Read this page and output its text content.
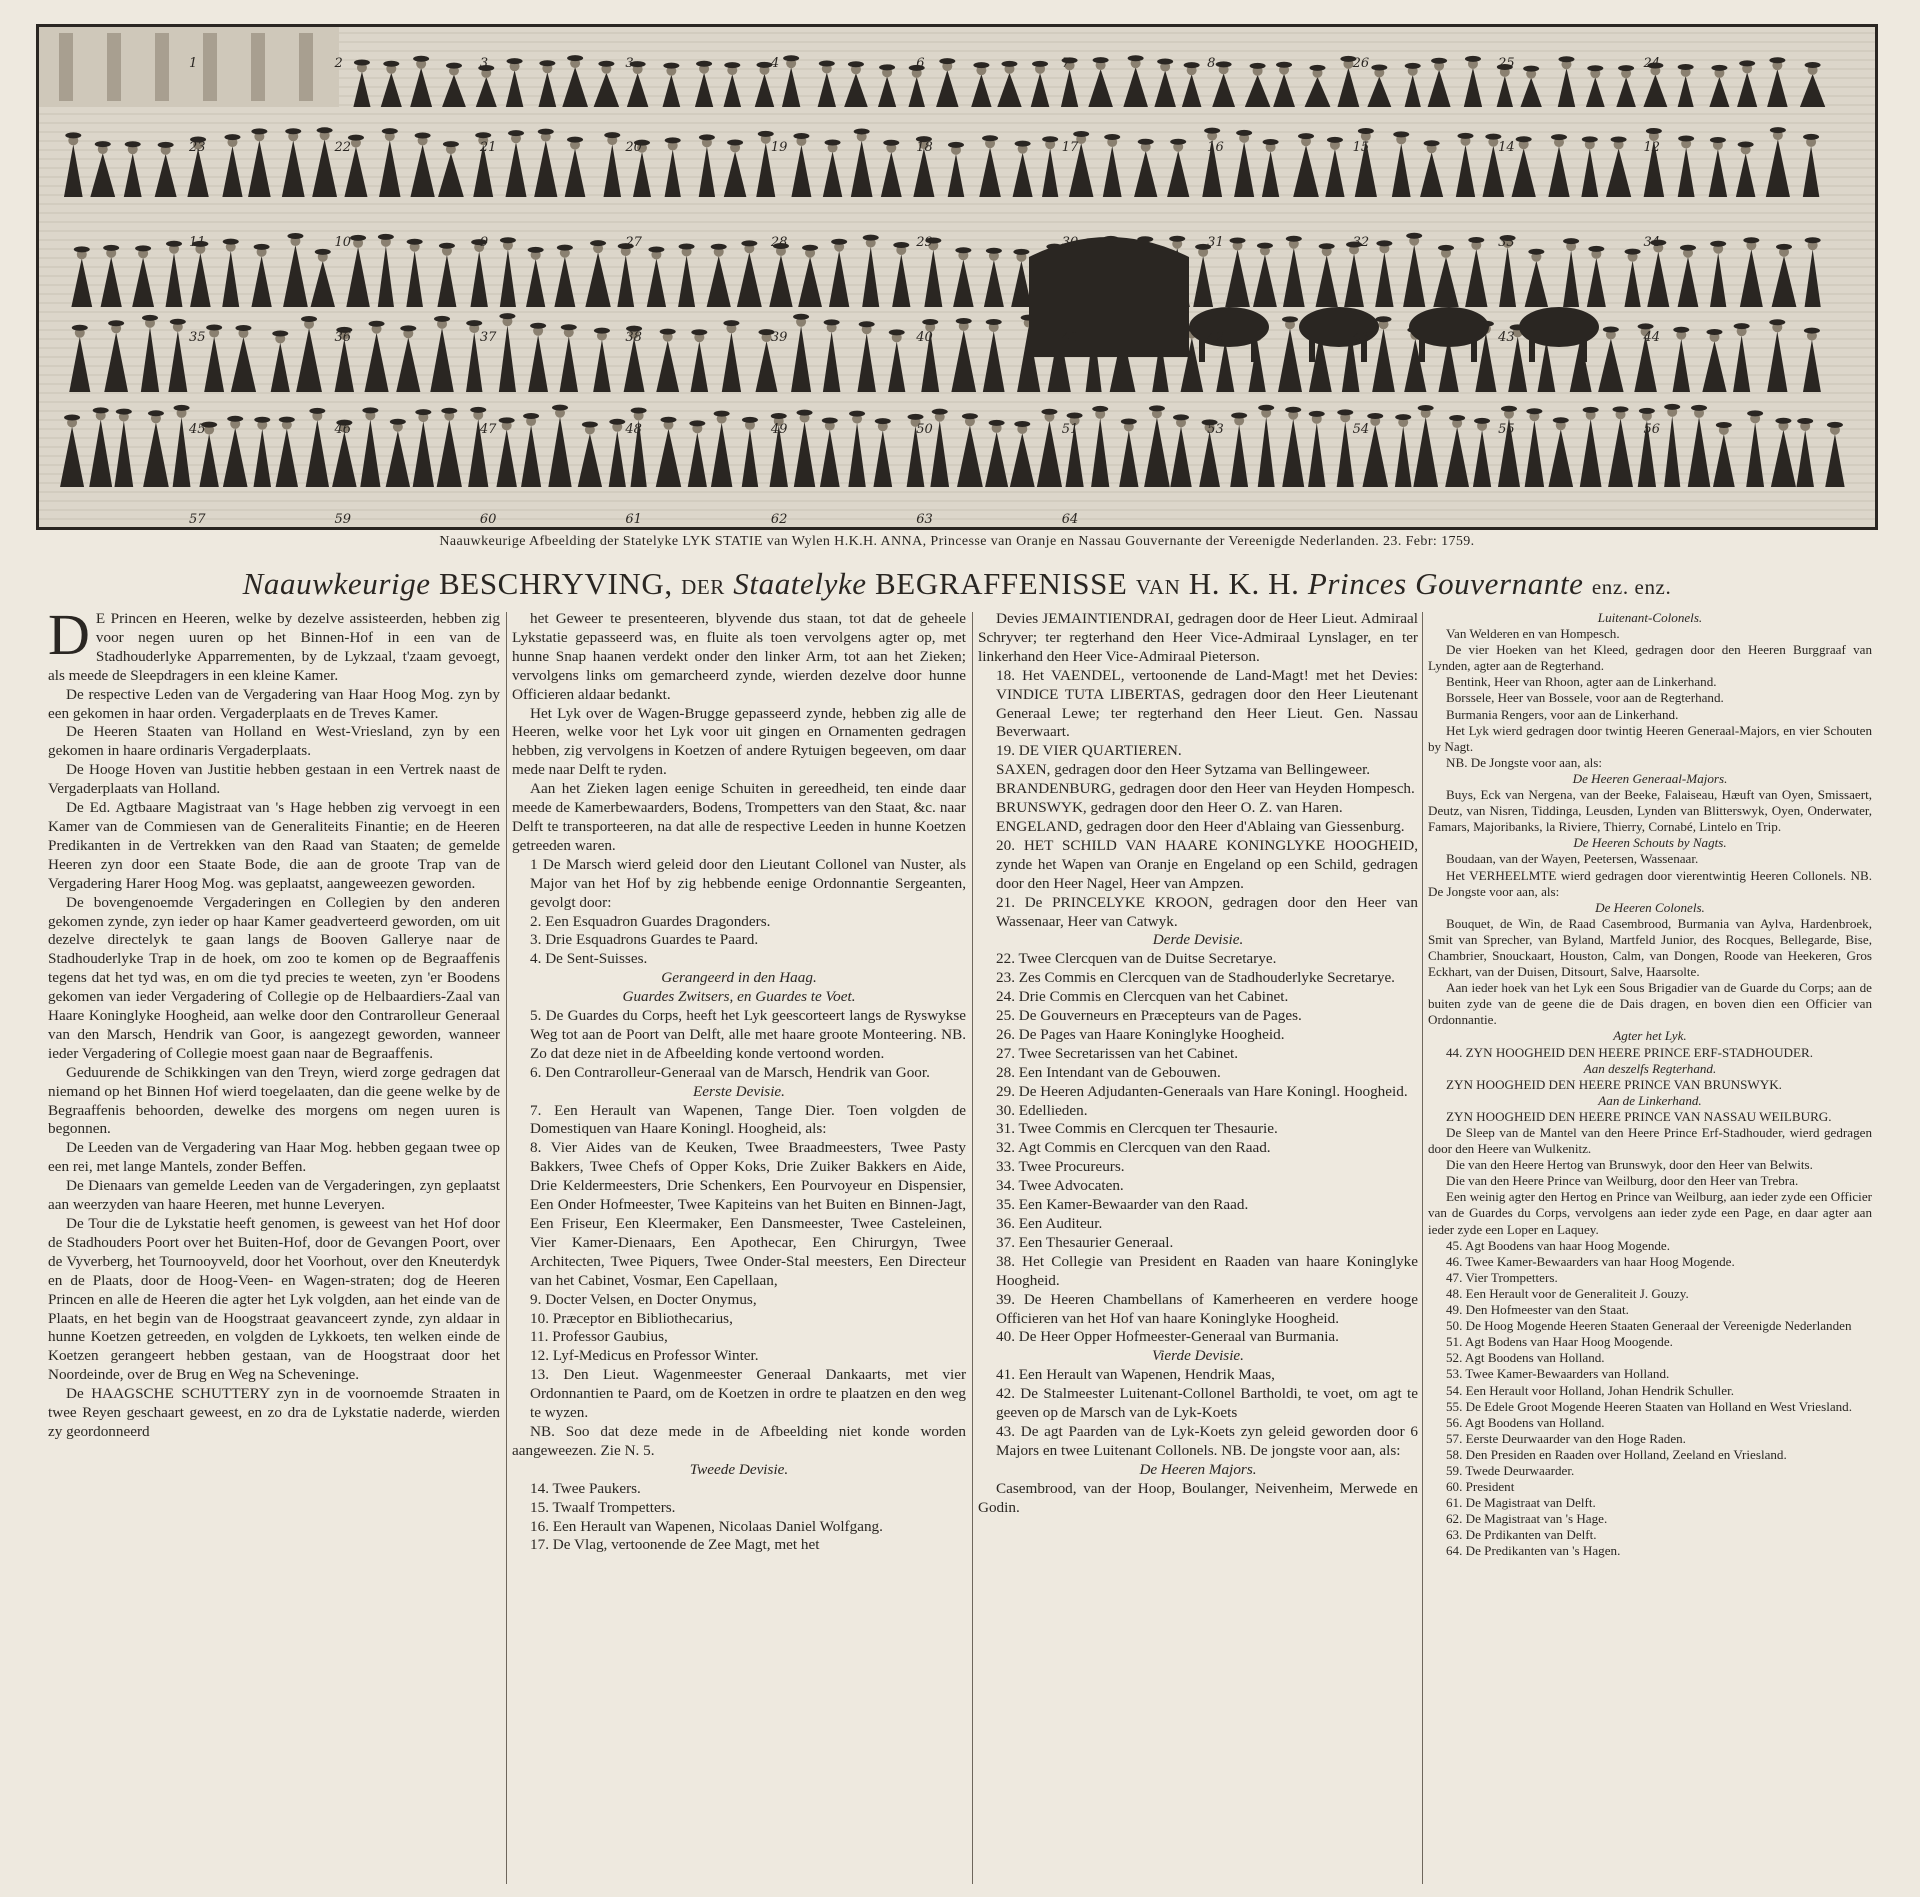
1	2	3	3	4	6	7	8	26	25	24
23	22	21	20	19	18	17	16	15	14	12
11	10	9	27	28	29	30	31	32	33	34
35	36	37	38	39	40	41	42	43	43	44
45	46	47	48	49	50	51	53	54	55	56
57	59	60	61	62	63	64
Naauwkeurige Afbeelding der Statelyke LYK STATIE van Wylen H.K.H. ANNA, Princesse van Oranje en Nassau Gouvernante der Vereenigde Nederlanden. 23. Febr: 1759.
Naauwkeurige BESCHRYVING, DER Staatelyke BEGRAFFENISSE VAN H. K. H. Princes Gouvernante enz. enz.
D E Princen en Heeren, welke by dezelve assisteerden, hebben zig voor negen uuren op het Binnen-Hof in een van de Stadhouderlyke Apparrementen, by de Lykzaal, t'zaam gevoegt, als meede de Sleepdragers in een kleine Kamer.

De respective Leden van de Vergadering van Haar Hoog Mog. zyn by een gekomen in haar orden. Vergaderplaats en de Treves Kamer.

De Heeren Staaten van Holland en West-Vriesland, zyn by een gekomen in haare ordinaris Vergaderplaats.

De Hooge Hoven van Justitie hebben gestaan in een Vertrek naast de Vergaderplaats van Holland.

De Ed. Agtbaare Magistraat van 's Hage hebben zig vervoegt in een Kamer van de Commiesen van de Generaliteits Finantie; en de Heeren Predikanten in de Vertrekken van den Raad van Staaten; de gemelde Heeren zyn door een Staate Bode, die aan de groote Trap van de Vergadering Harer Hoog Mog. was geplaatst, aangeweezen geworden.

De bovengenoemde Vergaderingen en Collegien by den anderen gekomen zynde, zyn ieder op haar Kamer geadverteerd geworden, om uit dezelve directelyk te gaan langs de Booven Gallerye naar de Stadhouderlyke Trap in de hoek, om zoo te komen op de Begraaffenis tegens dat het tyd was, en om die tyd precies te weeten, zyn 'er Boodens gekomen van ieder Vergadering of Collegie op de Helbaardiers-Zaal van Haare Koninglyke Hoogheid, aan welke door den Contrarolleur Generaal van den Marsch, Hendrik van Goor, is aangezegt geworden, wanneer ieder Vergadering of Collegie moest gaan naar de Begraaffenis.

Geduurende de Schikkingen van den Treyn, wierd zorge gedragen dat niemand op het Binnen Hof wierd toegelaaten, dan die geene welke by de Begraaffenis behoorden, dewelke des morgens om negen uuren is begonnen.

De Leeden van de Vergadering van Haar Mog. hebben gegaan twee op een rei, met lange Mantels, zonder Beffen.

De Dienaars van gemelde Leeden van de Vergaderingen, zyn geplaatst aan weerzyden van haare Heeren, met hunne Leveryen.

De Tour die de Lykstatie heeft genomen, is geweest van het Hof door de Stadhouders Poort over het Buiten-Hof, door de Gevangen Poort, over de Vyverberg, het Tournooyveld, door het Voorhout, over den Kneuterdyk en de Plaats, door de Hoog-Veen- en Wagen-straten; dog de Heeren Princen en alle de Heeren die agter het Lyk volgden, aan het einde van de Plaats, en het begin van de Hoogstraat geavanceert zynde, zyn aldaar in hunne Koetzen getreeden, en volgden de Lykkoets, ten welken einde de Koetzen gerangeert hebben gestaan, van de Hoogstraat door het Noordeinde, over de Brug en Weg na Scheveninge.

De HAAGSCHE SCHUTTERY zyn in de voornoemde Straaten in twee Reyen geschaart geweest, en zo dra de Lykstatie naderde, wierden zy geordonneerd

het Geweer te presenteeren, blyvende dus staan, tot dat de geheele Lykstatie gepasseerd was, en fluite als toen vervolgens agter op, met hunne Snap haanen verdekt onder den linker Arm, tot aan het Zieken; vervolgens links om gemarcheerd zynde, wierden dezelve door hunne Officieren aldaar bedankt.

Het Lyk over de Wagen-Brugge gepasseerd zynde, hebben zig alle de Heeren, welke voor het Lyk voor uit gingen en Ornamenten gedragen hebben, zig vervolgens in Koetzen of andere Rytuigen begeeven, om daar mede naar Delft te ryden.

Aan het Zieken lagen eenige Schuiten in gereedheid, ten einde daar meede de Kamerbewaarders, Bodens, Trompetters van den Staat, &c. naar Delft te transporteeren, na dat alle de respective Leeden in hunne Koetzen getreeden waren.

1 De Marsch wierd geleid door den Lieutant Collonel van Nuster, als Major van het Hof by zig hebbende eenige Ordonnantie Sergeanten, gevolgt door:

2. Een Esquadron Guardes Dragonders.

3. Drie Esquadrons Guardes te Paard.

4. De Sent-Suisses.

Gerangeerd in den Haag.

Guardes Zwitsers, en Guardes te Voet.

5. De Guardes du Corps, heeft het Lyk geescorteert langs de Ryswykse Weg tot aan de Poort van Delft, alle met haare groote Monteering. NB. Zo dat deze niet in de Afbeelding konde vertoond worden.

6. Den Contrarolleur-Generaal van de Marsch, Hendrik van Goor.

Eerste Devisie.

7. Een Herault van Wapenen, Tange Dier. Toen volgden de Domestiquen van Haare Koningl. Hoogheid, als:

8. Vier Aides van de Keuken, Twee Braadmeesters, Twee Pasty Bakkers, Twee Chefs of Opper Koks, Drie Zuiker Bakkers en Aide, Drie Keldermeesters, Drie Schenkers, Een Pourvoyeur en Dispensier, Een Onder Hofmeester, Twee Kapiteins van het Buiten en Binnen-Jagt, Een Friseur, Een Kleermaker, Een Dansmeester, Twee Casteleinen, Vier Kamer-Dienaars, Een Apothecar, Een Chirurgyn, Twee Architecten, Twee Piquers, Twee Onder-Stal meesters, Een Directeur van het Cabinet, Vosmar, Een Capellaan,

9. Docter Velsen, en Docter Onymus,

10. Præceptor en Bibliothecarius,

11. Professor Gaubius,

12. Lyf-Medicus en Professor Winter.

13. Den Lieut. Wagenmeester Generaal Dankaarts, met vier Ordonnantien te Paard, om de Koetzen in ordre te plaatzen en den weg te wyzen.

NB. Soo dat deze mede in de Afbeelding niet konde worden aangeweezen. Zie N. 5.

Tweede Devisie.

14. Twee Paukers.

15. Twaalf Trompetters.

16. Een Herault van Wapenen, Nicolaas Daniel Wolfgang.

17. De Vlag, vertoonende de Zee Magt, met het

Devies JEMAINTIENDRAI, gedragen door de Heer Lieut. Admiraal Schryver; ter regterhand den Heer Vice-Admiraal Lynslager, en ter linkerhand den Heer Vice-Admiraal Pieterson.

18. Het VAENDEL, vertoonende de Land-Magt! met het Devies: VINDICE TUTA LIBERTAS, gedragen door den Heer Lieutenant Generaal Lewe; ter regterhand den Heer Lieut. Gen. Nassau Beverwaart.

19. DE VIER QUARTIEREN.

SAXEN, gedragen door den Heer Sytzama van Bellingeweer.

BRANDENBURG, gedragen door den Heer van Heyden Hompesch.

BRUNSWYK, gedragen door den Heer O. Z. van Haren.

ENGELAND, gedragen door den Heer d'Ablaing van Giessenburg.

20. HET SCHILD VAN HAARE KONINGLYKE HOOGHEID, zynde het Wapen van Oranje en Engeland op een Schild, gedragen door den Heer Nagel, Heer van Ampzen.

21. De PRINCELYKE KROON, gedragen door den Heer van Wassenaar, Heer van Catwyk.

Derde Devisie.

22. Twee Clercquen van de Duitse Secretarye.

23. Zes Commis en Clercquen van de Stadhouderlyke Secretarye.

24. Drie Commis en Clercquen van het Cabinet.

25. De Gouverneurs en Præcepteurs van de Pages.

26. De Pages van Haare Koninglyke Hoogheid.

27. Twee Secretarissen van het Cabinet.

28. Een Intendant van de Gebouwen.

29. De Heeren Adjudanten-Generaals van Hare Koningl. Hoogheid.

30. Edellieden.

31. Twee Commis en Clercquen ter Thesaurie.

32. Agt Commis en Clercquen van den Raad.

33. Twee Procureurs.

34. Twee Advocaten.

35. Een Kamer-Bewaarder van den Raad.

36. Een Auditeur.

37. Een Thesaurier Generaal.

38. Het Collegie van President en Raaden van haare Koninglyke Hoogheid.

39. De Heeren Chambellans of Kamerheeren en verdere hooge Officieren van het Hof van haare Koninglyke Hoogheid.

40. De Heer Opper Hofmeester-Generaal van Burmania.

Vierde Devisie.

41. Een Herault van Wapenen, Hendrik Maas,

42. De Stalmeester Luitenant-Collonel Bartholdi, te voet, om agt te geeven op de Marsch van de Lyk-Koets

43. De agt Paarden van de Lyk-Koets zyn geleid geworden door 6 Majors en twee Luitenant Collonels. NB. De jongste voor aan, als:

De Heeren Majors.

Casembrood, van der Hoop, Boulanger, Neivenheim, Merwede en Godin.

Luitenant-Colonels.

Van Welderen en van Hompesch.

De vier Hoeken van het Kleed, gedragen door den Heeren Burggraaf van Lynden, agter aan de Regterhand.

Bentink, Heer van Rhoon, agter aan de Linkerhand.

Borssele, Heer van Bossele, voor aan de Regterhand.

Burmania Rengers, voor aan de Linkerhand.

Het Lyk wierd gedragen door twintig Heeren Generaal-Majors, en vier Schouten by Nagt.

NB. De Jongste voor aan, als:

De Heeren Generaal-Majors.

Buys, Eck van Nergena, van der Beeke, Falaiseau, Hæuft van Oyen, Smissaert, Deutz, van Nisren, Tiddinga, Leusden, Lynden van Blitterswyk, Oyen, Onderwater, Famars, Majoribanks, la Riviere, Thierry, Cornabé, Lintelo en Trip.

De Heeren Schouts by Nagts.

Boudaan, van der Wayen, Peetersen, Wassenaar.

Het VERHEELMTE wierd gedragen door vierentwintig Heeren Collonels. NB. De Jongste voor aan, als:

De Heeren Colonels.

Bouquet, de Win, de Raad Casembrood, Burmania van Aylva, Hardenbroek, Smit van Sprecher, van Byland, Martfeld Junior, des Rocques, Bellegarde, Bise, Chambrier, Snouckaart, Houston, Calm, van Dongen, Roode van Heekeren, Gros Eckhart, van der Duisen, Ditsourt, Salve, Haarsolte.

Aan ieder hoek van het Lyk een Sous Brigadier van de Guarde du Corps; aan de buiten zyde van de geene die de Dais dragen, en boven dien een Officier van Ordonnantie.

Agter het Lyk.

44. ZYN HOOGHEID DEN HEERE PRINCE ERF-STADHOUDER.

Aan deszelfs Regterhand.

ZYN HOOGHEID DEN HEERE PRINCE VAN BRUNSWYK.

Aan de Linkerhand.

ZYN HOOGHEID DEN HEERE PRINCE VAN NASSAU WEILBURG.

De Sleep van de Mantel van den Heere Prince Erf-Stadhouder, wierd gedragen door den Heere van Wulkenitz.

Die van den Heere Hertog van Brunswyk, door den Heer van Belwits.

Die van den Heere Prince van Weilburg, door den Heer van Trebra.

Een weinig agter den Hertog en Prince van Weilburg, aan ieder zyde een Officier van de Guardes du Corps, vervolgens aan ieder zyde een Page, en daar agter aan ieder zyde een Loper en Laquey.

45. Agt Boodens van haar Hoog Mogende.

46. Twee Kamer-Bewaarders van haar Hoog Mogende.

47. Vier Trompetters.

48. Een Herault voor de Generaliteit J. Gouzy.

49. Den Hofmeester van den Staat.

50. De Hoog Mogende Heeren Staaten Generaal der Vereenigde Nederlanden

51. Agt Bodens van Haar Hoog Moogende.

52. Agt Boodens van Holland.

53. Twee Kamer-Bewaarders van Holland.

54. Een Herault voor Holland, Johan Hendrik Schuller.

55. De Edele Groot Mogende Heeren Staaten van Holland en West Vriesland.

56. Agt Boodens van Holland.

57. Eerste Deurwaarder van den Hoge Raden.

58. Den Presiden en Raaden over Holland, Zeeland en Vriesland.

59. Twede Deurwaarder.

60. President

61. De Magistraat van Delft.

62. De Magistraat van 's Hage.

63. De Prdikanten van Delft.

64. De Predikanten van 's Hagen.
